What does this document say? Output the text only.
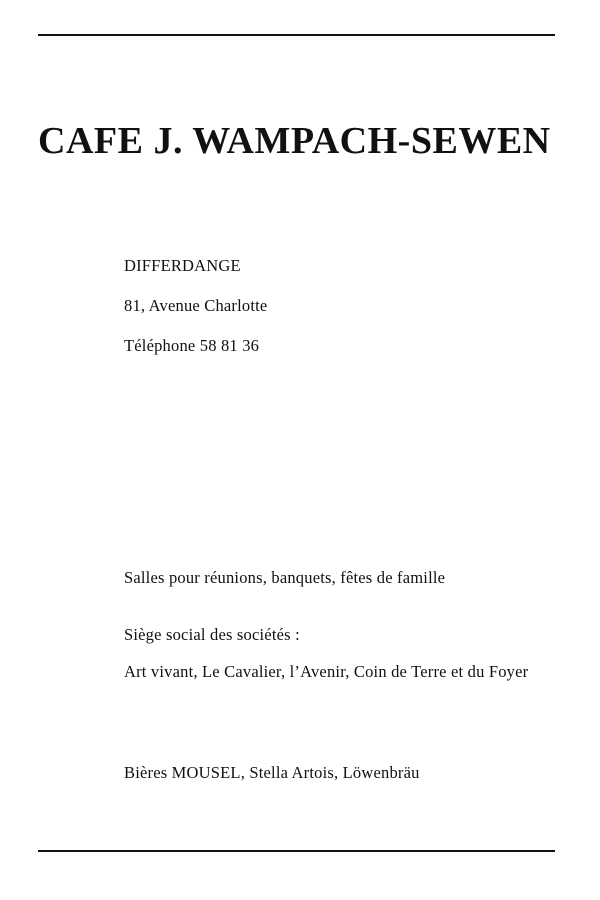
CAFE J. WAMPACH-SEWEN
DIFFERDANGE
81, Avenue Charlotte
Téléphone 58 81 36
Salles pour réunions, banquets, fêtes de famille
Siège social des sociétés :
Art vivant, Le Cavalier, l’Avenir, Coin de Terre et du Foyer
Bières MOUSEL, Stella Artois, Löwenbräu
